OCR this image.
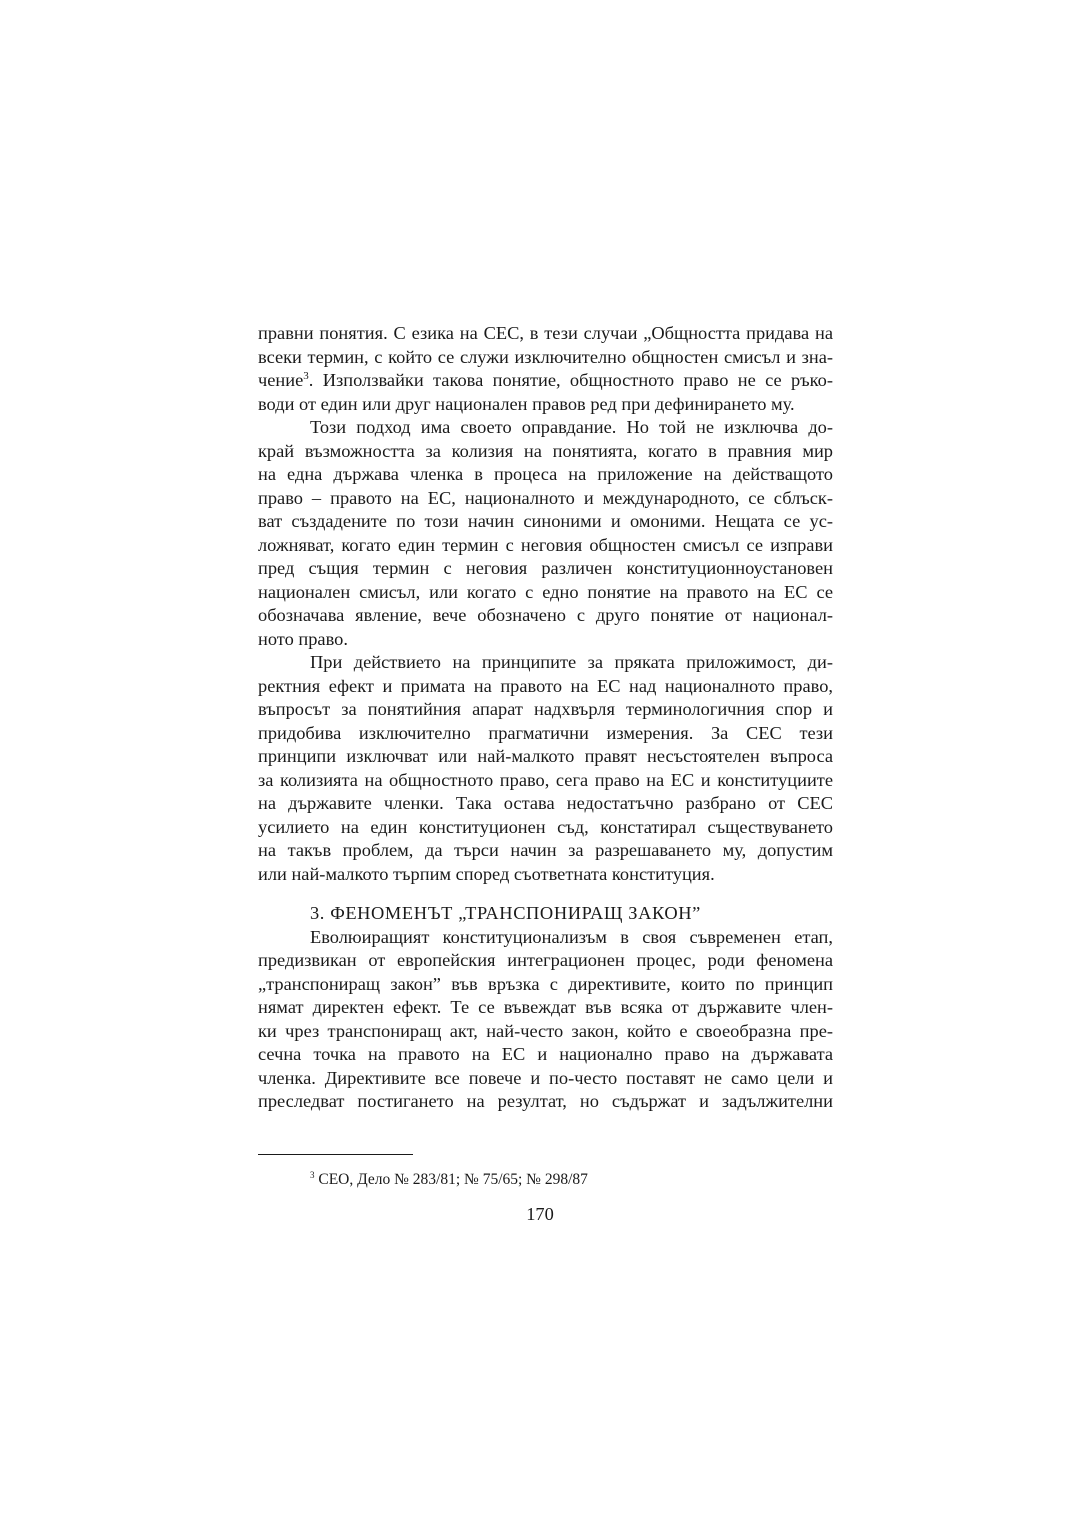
правни понятия. С езика на СЕС, в тези случаи „Общността придава на
всеки термин, с който се служи изключително общностен смисъл и зна-
чение$^3$. Използвайки такова понятие, общностното право не се ръко-
води от един или друг национален правов ред при дефинирането му.
Този подход има своето оправдание. Но той не изключва до-
край възможността за колизия на понятията, когато в правния мир
на една държава членка в процеса на приложение на действащото
право – правото на ЕС, националното и международното, се сблъск-
ват създадените по този начин синоними и омоними. Нещата се ус-
ложняват, когато един термин с неговия общностен смисъл се изправи
пред същия термин с неговия различен конституционноустановен
национален смисъл, или когато с едно понятие на правото на ЕС се
обозначава явление, вече обозначено с друго понятие от национал-
ното право.
При действието на принципите за пряката приложимост, ди-
ректния ефект и примата на правото на ЕС над националното право,
въпросът за понятийния апарат надхвърля терминологичния спор и
придобива изключително прагматични измерения. За СЕС тези
принципи изключват или най-малкото правят несъстоятелен въпроса
за колизията на общностното право, сега право на ЕС и конституциите
на държавите членки. Така остава недостатъчно разбрано от СЕС
усилието на един конституционен съд, констатирал съществуването
на такъв проблем, да търси начин за разрешаването му, допустим
или най-малкото търпим според съответната конституция.
3. ФЕНОМЕНЪТ „ТРАНСПОНИРАЩ ЗАКОН”
Еволюиращият конституционализъм в своя съвременен етап,
предизвикан от европейския интеграционен процес, роди феномена
„транспониращ закон” във връзка с директивите, които по принцип
нямат директен ефект. Те се въвеждат във всяка от държавите член-
ки чрез транспониращ акт, най-често закон, който е своеобразна пре-
сечна точка на правото на ЕС и национално право на държавата
членка. Директивите все повече и по-често поставят не само цели и
преследват постигането на резултат, но съдържат и задължителни
$^3$ СЕО, Дело № 283/81; № 75/65; № 298/87
170
